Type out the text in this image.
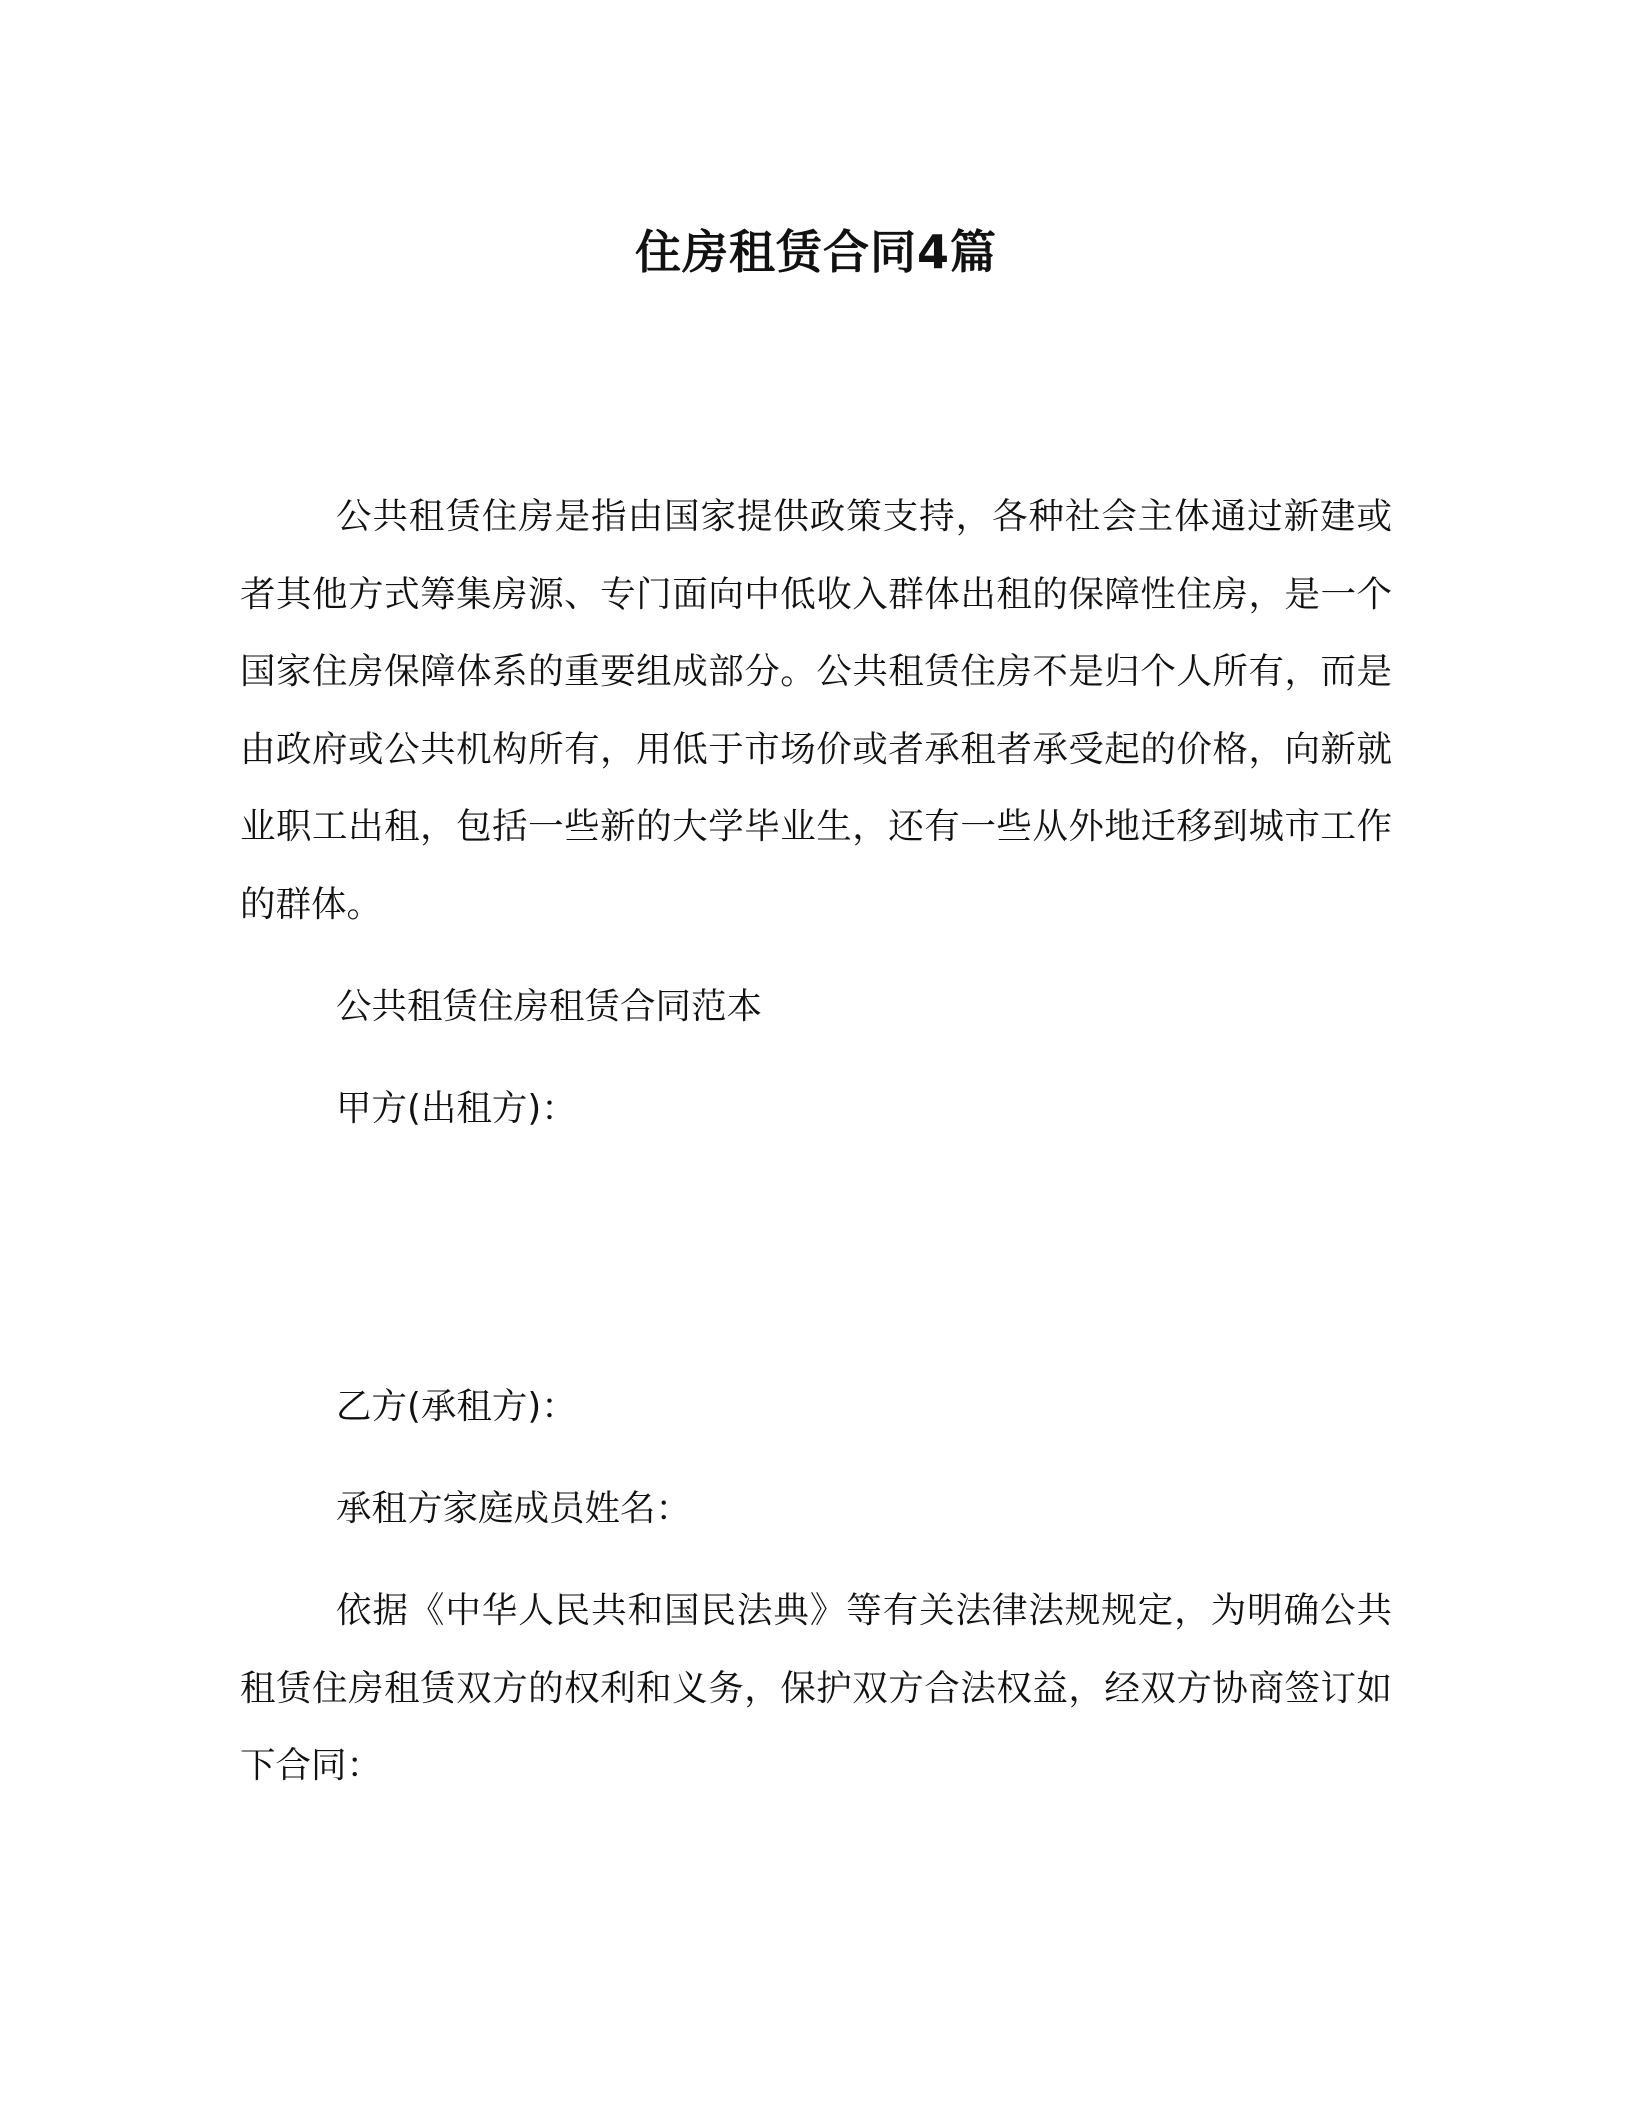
住房租赁合同4篇

公共租赁住房是指由国家提供政策支持，各种社会主体通过新建或者其他方式筹集房源、专门面向中低收入群体出租的保障性住房，是一个国家住房保障体系的重要组成部分。公共租赁住房不是归个人所有，而是由政府或公共机构所有，用低于市场价或者承租者承受起的价格，向新就业职工出租，包括一些新的大学毕业生，还有一些从外地迁移到城市工作的群体。

公共租赁住房租赁合同范本

甲方(出租方)：

乙方(承租方)：

承租方家庭成员姓名：

依据《中华人民共和国民法典》等有关法律法规规定，为明确公共租赁住房租赁双方的权利和义务，保护双方合法权益，经双方协商签订如下合同：
